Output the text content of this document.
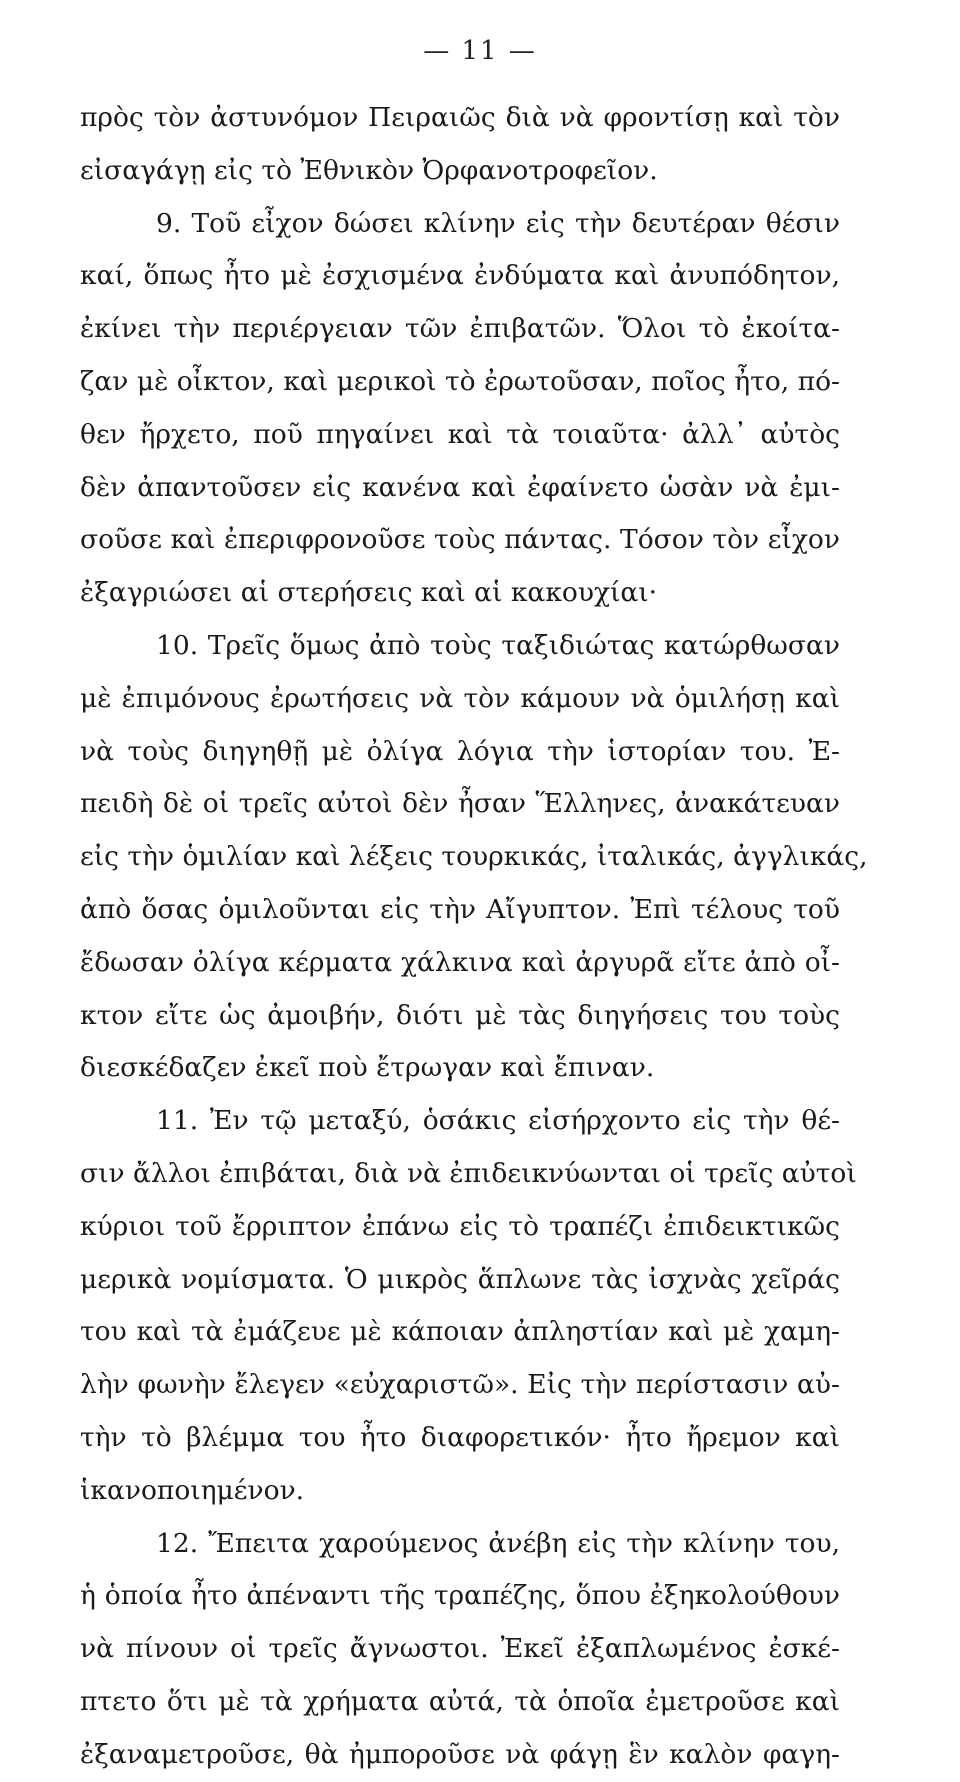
— 11 —
πρὸς τὸν ἀστυνόμον Πειραιῶς διὰ νὰ φροντίσῃ καὶ τὸν
εἰσαγάγῃ εἰς τὸ Ἐθνικὸν Ὀρφανοτροφεῖον.
9. Τοῦ εἶχον δώσει κλίνην εἰς τὴν δευτέραν θέσιν
καί, ὅπως ἦτο μὲ ἐσχισμένα ἐνδύματα καὶ ἀνυπόδητον,
ἐκίνει τὴν περιέργειαν τῶν ἐπιβατῶν. Ὅλοι τὸ ἐκοίτα-
ζαν μὲ οἶκτον, καὶ μερικοὶ τὸ ἐρωτοῦσαν, ποῖος ἦτο, πό-
θεν ἤρχετο, ποῦ πηγαίνει καὶ τὰ τοιαῦτα· ἀλλ᾽ αὐτὸς
δὲν ἀπαντοῦσεν εἰς κανένα καὶ ἐφαίνετο ὡσὰν νὰ ἐμι-
σοῦσε καὶ ἐπεριφρονοῦσε τοὺς πάντας. Τόσον τὸν εἶχον
ἐξαγριώσει αἱ στερήσεις καὶ αἱ κακουχίαι·
10. Τρεῖς ὅμως ἀπὸ τοὺς ταξιδιώτας κατώρθωσαν
μὲ ἐπιμόνους ἐρωτήσεις νὰ τὸν κάμουν νὰ ὁμιλήσῃ καὶ
νὰ τοὺς διηγηθῇ μὲ ὀλίγα λόγια τὴν ἱστορίαν του. Ἐ-
πειδὴ δὲ οἱ τρεῖς αὐτοὶ δὲν ἦσαν Ἕλληνες, ἀνακάτευαν
εἰς τὴν ὁμιλίαν καὶ λέξεις τουρκικάς, ἰταλικάς, ἀγγλικάς,
ἀπὸ ὅσας ὁμιλοῦνται εἰς τὴν Αἴγυπτον. Ἐπὶ τέλους τοῦ
ἔδωσαν ὀλίγα κέρματα χάλκινα καὶ ἀργυρᾶ εἴτε ἀπὸ οἶ-
κτον εἴτε ὡς ἀμοιβήν, διότι μὲ τὰς διηγήσεις του τοὺς
διεσκέδαζεν ἐκεῖ ποὺ ἔτρωγαν καὶ ἔπιναν.
11. Ἐν τῷ μεταξύ, ὁσάκις εἰσήρχοντο εἰς τὴν θέ-
σιν ἄλλοι ἐπιβάται, διὰ νὰ ἐπιδεικνύωνται οἱ τρεῖς αὐτοὶ
κύριοι τοῦ ἔρριπτον ἐπάνω εἰς τὸ τραπέζι ἐπιδεικτικῶς
μερικὰ νομίσματα. Ὁ μικρὸς ἅπλωνε τὰς ἰσχνὰς χεῖράς
του καὶ τὰ ἐμάζευε μὲ κάποιαν ἀπληστίαν καὶ μὲ χαμη-
λὴν φωνὴν ἔλεγεν «εὐχαριστῶ». Εἰς τὴν περίστασιν αὐ-
τὴν τὸ βλέμμα του ἦτο διαφορετικόν· ἦτο ἤρεμον καὶ
ἱκανοποιημένον.
12. Ἔπειτα χαρούμενος ἀνέβη εἰς τὴν κλίνην του,
ἡ ὁποία ἦτο ἀπέναντι τῆς τραπέζης, ὅπου ἐξηκολούθουν
νὰ πίνουν οἱ τρεῖς ἄγνωστοι. Ἐκεῖ ἐξαπλωμένος ἐσκέ-
πτετο ὅτι μὲ τὰ χρήματα αὐτά, τὰ ὁποῖα ἐμετροῦσε καὶ
ἐξαναμετροῦσε, θὰ ἠμποροῦσε νὰ φάγῃ ἓν καλὸν φαγη-
